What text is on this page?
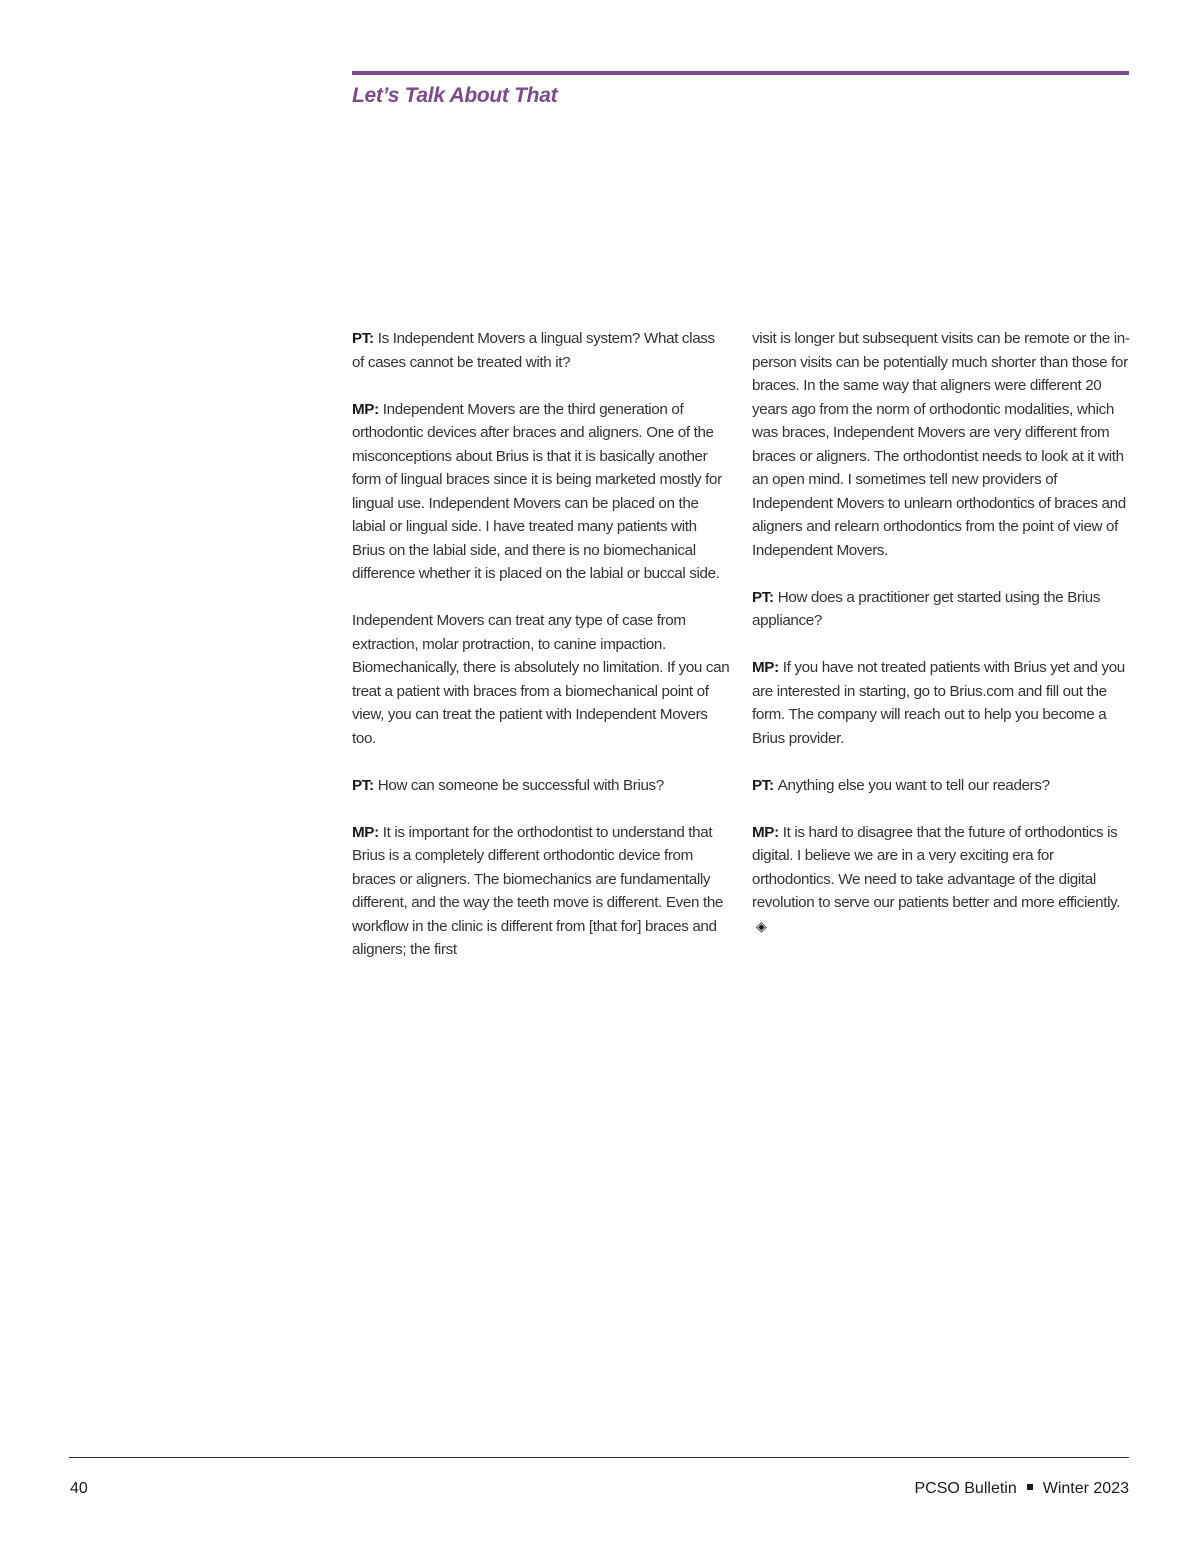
Let’s Talk About That

PT: Is Independent Movers a lingual system? What class of cases cannot be treated with it?

MP: Independent Movers are the third generation of orthodontic devices after braces and aligners. One of the misconceptions about Brius is that it is basically another form of lingual braces since it is being marketed mostly for lingual use. Independent Movers can be placed on the labial or lingual side. I have treated many patients with Brius on the labial side, and there is no biomechanical difference whether it is placed on the labial or buccal side.

Independent Movers can treat any type of case from extraction, molar protraction, to canine impaction. Biomechanically, there is absolutely no limitation. If you can treat a patient with braces from a biomechanical point of view, you can treat the patient with Independent Movers too.

PT: How can someone be successful with Brius?

MP: It is important for the orthodontist to understand that Brius is a completely different orthodontic device from braces or aligners. The biomechanics are fundamentally different, and the way the teeth move is different. Even the workflow in the clinic is different from [that for] braces and aligners; the first

visit is longer but subsequent visits can be remote or the in-person visits can be potentially much shorter than those for braces. In the same way that aligners were different 20 years ago from the norm of orthodontic modalities, which was braces, Independent Movers are very different from braces or aligners. The orthodontist needs to look at it with an open mind. I sometimes tell new providers of Independent Movers to unlearn orthodontics of braces and aligners and relearn orthodontics from the point of view of Independent Movers.

PT: How does a practitioner get started using the Brius appliance?

MP: If you have not treated patients with Brius yet and you are interested in starting, go to Brius.com and fill out the form. The company will reach out to help you become a Brius provider.

PT: Anything else you want to tell our readers?

MP: It is hard to disagree that the future of orthodontics is digital. I believe we are in a very exciting era for orthodontics. We need to take advantage of the digital revolution to serve our patients better and more efficiently.◈

40	PCSO Bulletin Winter 2023
